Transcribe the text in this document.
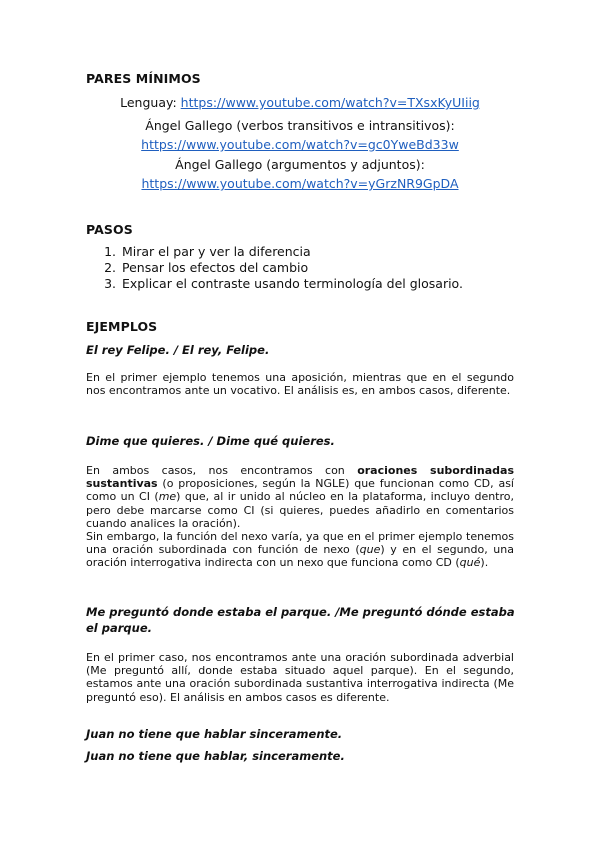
PARES MÍNIMOS
Lenguay: https://www.youtube.com/watch?v=TXsxKyUIiig
Ángel Gallego (verbos transitivos e intransitivos):
https://www.youtube.com/watch?v=gc0YweBd33w
Ángel Gallego (argumentos y adjuntos):
https://www.youtube.com/watch?v=yGrzNR9GpDA
PASOS
1. Mirar el par y ver la diferencia
2. Pensar los efectos del cambio
3. Explicar el contraste usando terminología del glosario.
EJEMPLOS
El rey Felipe. / El rey, Felipe.
En el primer ejemplo tenemos una aposición, mientras que en el segundo nos encontramos ante un vocativo. El análisis es, en ambos casos, diferente.
Dime que quieres. / Dime qué quieres.

En ambos casos, nos encontramos con oraciones subordinadas sustantivas (o proposiciones, según la NGLE) que funcionan como CD, así como un CI (me) que, al ir unido al núcleo en la plataforma, incluyo dentro, pero debe marcarse como CI (si quieres, puedes añadirlo en comentarios cuando analices la oración).

Sin embargo, la función del nexo varía, ya que en el primer ejemplo tenemos una oración subordinada con función de nexo (que) y en el segundo, una oración interrogativa indirecta con un nexo que funciona como CD (qué).

Me preguntó donde estaba el parque. /Me preguntó dónde estaba el parque.
En el primer caso, nos encontramos ante una oración subordinada adverbial (Me preguntó allí, donde estaba situado aquel parque). En el segundo, estamos ante una oración subordinada sustantiva interrogativa indirecta (Me preguntó eso). El análisis en ambos casos es diferente.
Juan no tiene que hablar sinceramente.
Juan no tiene que hablar, sinceramente.
